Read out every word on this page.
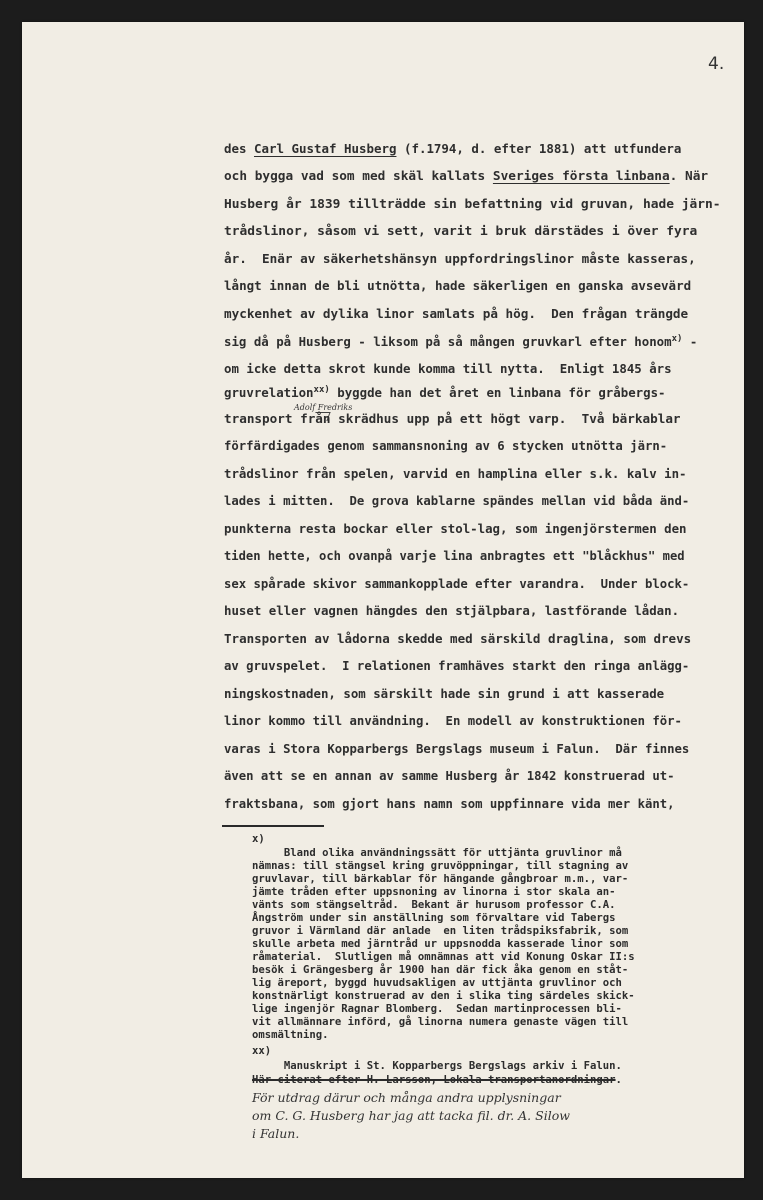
4.
des Carl Gustaf Husberg (f.1794, d. efter 1881) att utfundera
och bygga vad som med skäl kallats Sveriges första linbana. När
Husberg år 1839 tillträdde sin befattning vid gruvan, hade järn-
trådslinor, såsom vi sett, varit i bruk därstädes i över fyra
år.  Enär av säkerhetshänsyn uppfordringslinor måste kasseras,
långt innan de bli utnötta, hade säkerligen en ganska avsevärd
myckenhet av dylika linor samlats på hög.  Den frågan trängde
sig då på Husberg - liksom på så mången gruvkarl efter honom$^{x)}$ -
om icke detta skrot kunde komma till nytta.  Enligt 1845 års
gruvrelation$^{xx)}$ byggde han det året en linbana för gråbergs-
Adolf Fredriks
transport från skrädhus upp på ett högt varp.  Två bärkablar
förfärdigades genom sammansnoning av 6 stycken utnötta järn-
trådslinor från spelen, varvid en hamplina eller s.k. kalv in-
lades i mitten.  De grova kablarne spändes mellan vid båda änd-
punkterna resta bockar eller stol-lag, som ingenjörstermen den
tiden hette, och ovanpå varje lina anbragtes ett "blåckhus" med
sex spårade skivor sammankopplade efter varandra.  Under block-
huset eller vagnen hängdes den stjälpbara, lastförande lådan.
Transporten av lådorna skedde med särskild draglina, som drevs
av gruvspelet.  I relationen framhäves starkt den ringa anlägg-
ningskostnaden, som särskilt hade sin grund i att kasserade
linor kommo till användning.  En modell av konstruktionen för-
varas i Stora Kopparbergs Bergslags museum i Falun.  Där finnes
även att se en annan av samme Husberg år 1842 konstruerad ut-
fraktsbana, som gjort hans namn som uppfinnare vida mer känt,
x)
Bland olika användningssätt för uttjänta gruvlinor må
nämnas: till stängsel kring gruvöppningar, till stagning av
gruvlavar, till bärkablar för hängande gångbroar m.m., var-
jämte tråden efter uppsnoning av linorna i stor skala an-
vänts som stängseltråd.  Bekant är hurusom professor C.A.
Ångström under sin anställning som förvaltare vid Tabergs
gruvor i Värmland där anlade  en liten trådspiksfabrik, som
skulle arbeta med järntråd ur uppsnodda kasserade linor som
råmaterial.  Slutligen må omnämnas att vid Konung Oskar II:s
besök i Grängesberg år 1900 han där fick åka genom en ståt-
lig äreport, byggd huvudsakligen av uttjänta gruvlinor och
konstnärligt konstruerad av den i slika ting särdeles skick-
lige ingenjör Ragnar Blomberg.  Sedan martinprocessen bli-
vit allmännare införd, gå linorna numera genaste vägen till
omsmältning.
xx)
Manuskript i St. Kopparbergs Bergslags arkiv i Falun.
Här citerat efter H. Larsson, Lokala transportanordningar.
För utdrag därur och många andra upplysningar
om C. G. Husberg har jag att tacka fil. dr. A. Silow
i Falun.
